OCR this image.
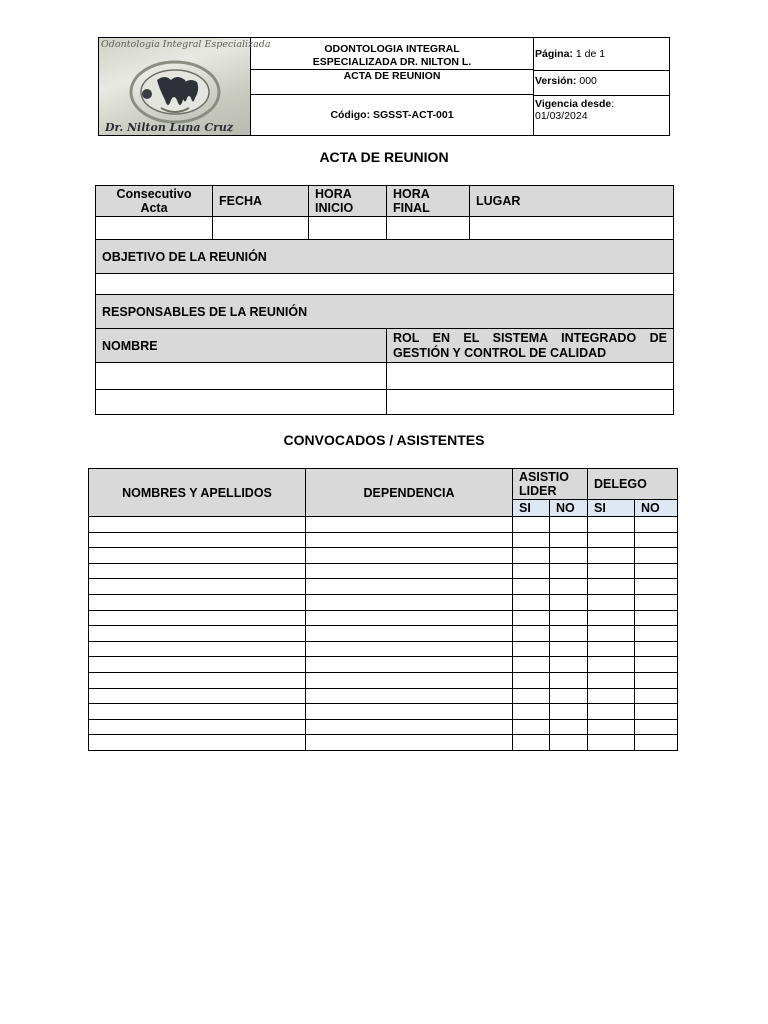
Odontologia Integral Especializada
Dr. Nilton Luna Cruz
ODONTOLOGIA INTEGRAL
ESPECIALIZADA DR. NILTON L.
ACTA DE REUNION
Código: SGSST-ACT-001
Página: 1 de 1
Versión: 000
Vigencia desde:
01/03/2024
ACTA DE REUNION
Consecutivo Acta	FECHA	HORA INICIO	HORA FINAL	LUGAR

OBJETIVO DE LA REUNIÓN				

RESPONSABLES DE LA REUNIÓN				
NOMBRE			ROL EN EL SISTEMA INTEGRADO DE GESTIÓN Y CONTROL DE CALIDAD	

CONVOCADOS / ASISTENTES
NOMBRES Y APELLIDOS	DEPENDENCIA	ASISTIO LIDER		DELEGO	
		SI	NO	SI	NO
